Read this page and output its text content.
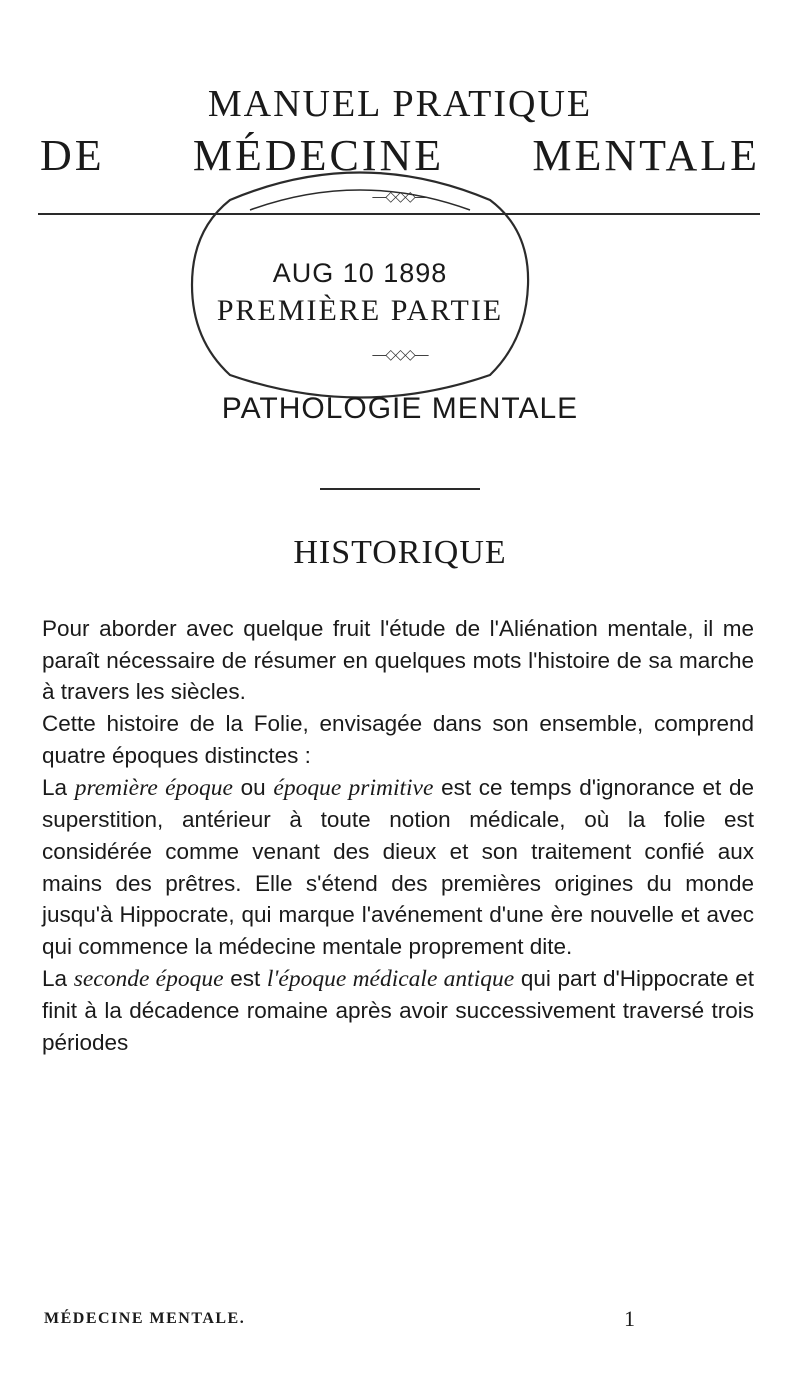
MANUEL PRATIQUE
DE MÉDECINE MENTALE
—◇◇◇—
AUG 10 1898
PREMIÈRE PARTIE
—◇◇◇—
PATHOLOGIE MENTALE
HISTORIQUE

Pour aborder avec quelque fruit l'étude de l'Aliénation mentale, il me paraît nécessaire de résumer en quelques mots l'histoire de sa marche à travers les siècles.

Cette histoire de la Folie, envisagée dans son ensemble, comprend quatre époques distinctes :

La première époque ou époque primitive est ce temps d'ignorance et de superstition, antérieur à toute notion médicale, où la folie est considérée comme venant des dieux et son traitement confié aux mains des prêtres. Elle s'étend des premières origines du monde jusqu'à Hippocrate, qui marque l'avénement d'une ère nouvelle et avec qui commence la médecine mentale proprement dite.

La seconde époque est l'époque médicale antique qui part d'Hippocrate et finit à la décadence romaine après avoir successivement traversé trois périodes

MÉDECINE MENTALE.	1
